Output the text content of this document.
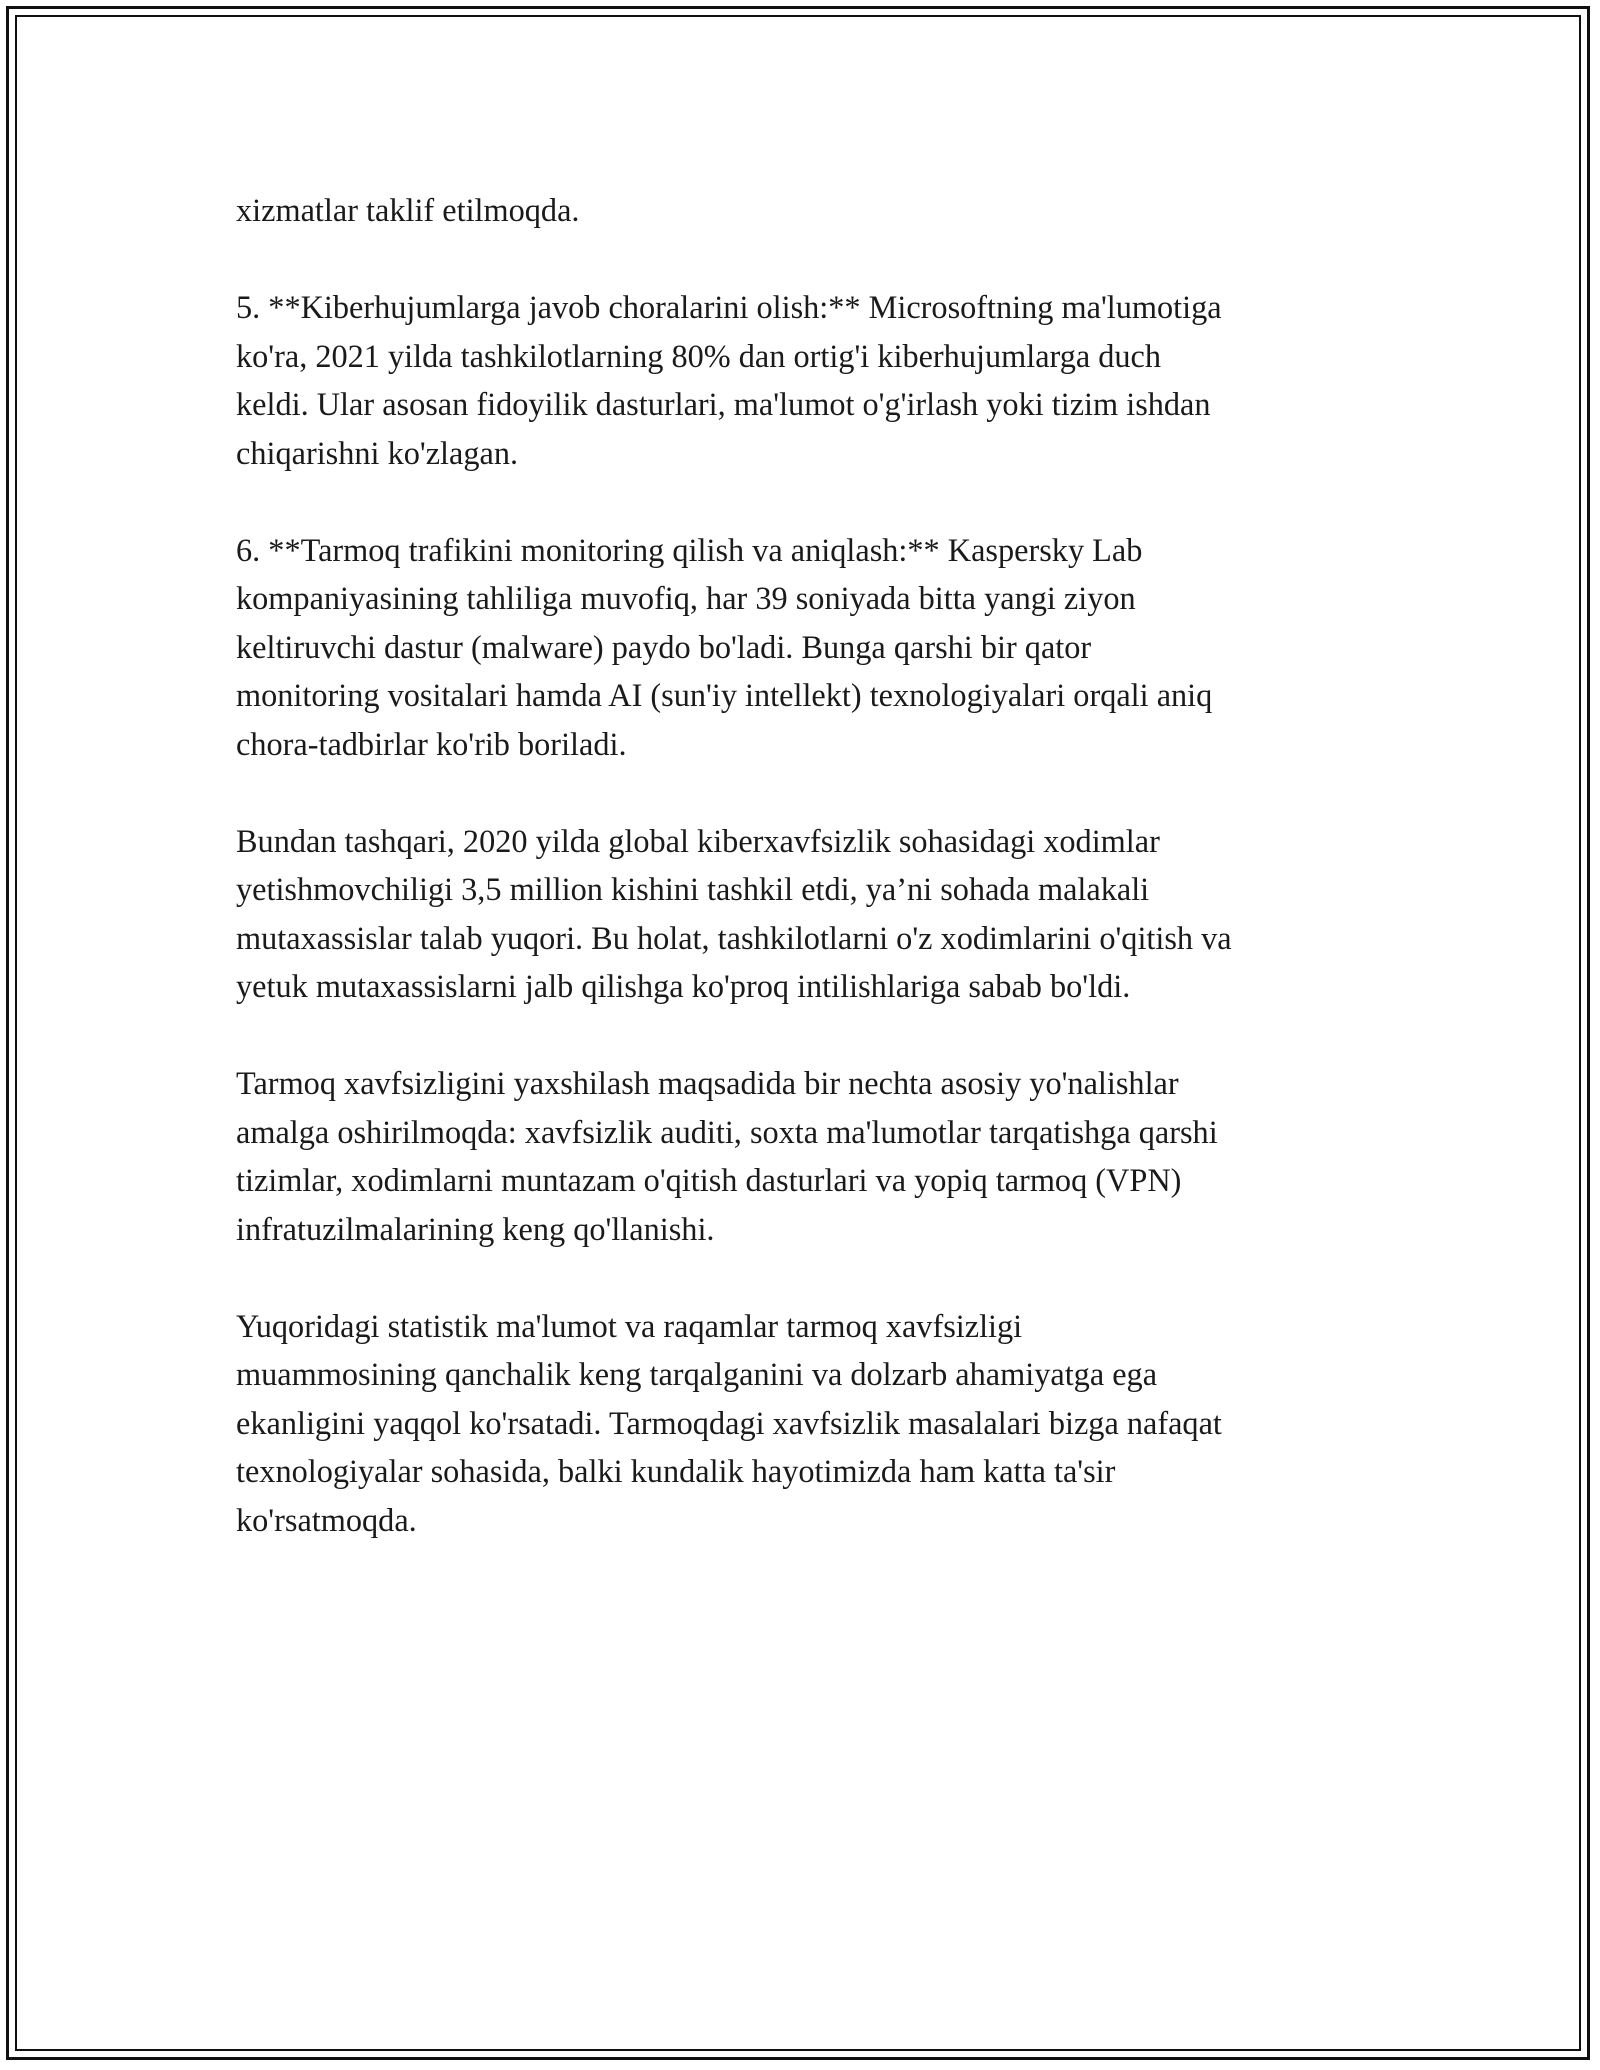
xizmatlar taklif etilmoqda.

5. **Kiberhujumlarga javob choralarini olish:** Microsoftning ma'lumotiga
ko'ra, 2021 yilda tashkilotlarning 80% dan ortig'i kiberhujumlarga duch
keldi. Ular asosan fidoyilik dasturlari, ma'lumot o'g'irlash yoki tizim ishdan
chiqarishni ko'zlagan.

6. **Tarmoq trafikini monitoring qilish va aniqlash:** Kaspersky Lab
kompaniyasining tahliliga muvofiq, har 39 soniyada bitta yangi ziyon
keltiruvchi dastur (malware) paydo bo'ladi. Bunga qarshi bir qator
monitoring vositalari hamda AI (sun'iy intellekt) texnologiyalari orqali aniq
chora-tadbirlar ko'rib boriladi.

Bundan tashqari, 2020 yilda global kiberxavfsizlik sohasidagi xodimlar
yetishmovchiligi 3,5 million kishini tashkil etdi, ya’ni sohada malakali
mutaxassislar talab yuqori. Bu holat, tashkilotlarni o'z xodimlarini o'qitish va
yetuk mutaxassislarni jalb qilishga ko'proq intilishlariga sabab bo'ldi.

Tarmoq xavfsizligini yaxshilash maqsadida bir nechta asosiy yo'nalishlar
amalga oshirilmoqda: xavfsizlik auditi, soxta ma'lumotlar tarqatishga qarshi
tizimlar, xodimlarni muntazam o'qitish dasturlari va yopiq tarmoq (VPN)
infratuzilmalarining keng qo'llanishi.

Yuqoridagi statistik ma'lumot va raqamlar tarmoq xavfsizligi
muammosining qanchalik keng tarqalganini va dolzarb ahamiyatga ega
ekanligini yaqqol ko'rsatadi. Tarmoqdagi xavfsizlik masalalari bizga nafaqat
texnologiyalar sohasida, balki kundalik hayotimizda ham katta ta'sir
ko'rsatmoqda.
